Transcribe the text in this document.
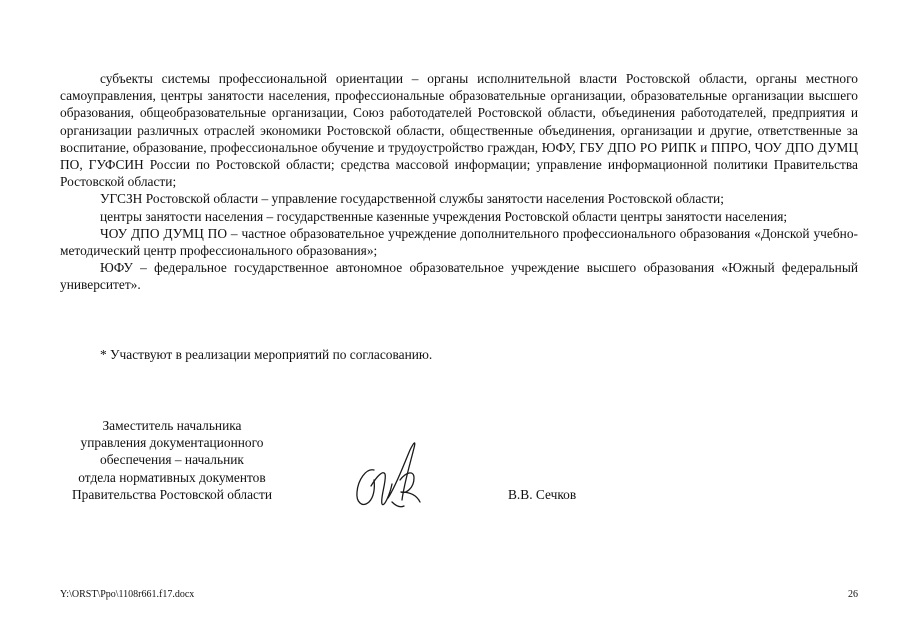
субъекты системы профессиональной ориентации – органы исполнительной власти Ростовской области, органы местного самоуправления, центры занятости населения, профессиональные образовательные организации, образовательные организации высшего образования, общеобразовательные организации, Союз работодателей Ростовской области, объединения работодателей, предприятия и организации различных отраслей экономики Ростовской области, общественные объединения, организации и другие, ответственные за воспитание, образование, профессиональное обучение и трудоустройство граждан, ЮФУ, ГБУ ДПО РО РИПК и ППРО, ЧОУ ДПО ДУМЦ ПО, ГУФСИН России по Ростовской области; средства массовой информации; управление информационной политики Правительства Ростовской области;

УГСЗН Ростовской области – управление государственной службы занятости населения Ростовской области;

центры занятости населения – государственные казенные учреждения Ростовской области центры занятости населения;

ЧОУ ДПО ДУМЦ ПО – частное образовательное учреждение дополнительного профессионального образования «Донской учебно-методический центр профессионального образования»;

ЮФУ – федеральное государственное автономное образовательное учреждение высшего образования «Южный федеральный университет».

* Участвуют в реализации мероприятий по согласованию.
Заместитель начальника
управления документационного
обеспечения – начальник
отдела нормативных документов
Правительства Ростовской области	В.В. Сечков
Y:\ORST\Ppo\1108r661.f17.docx	26
